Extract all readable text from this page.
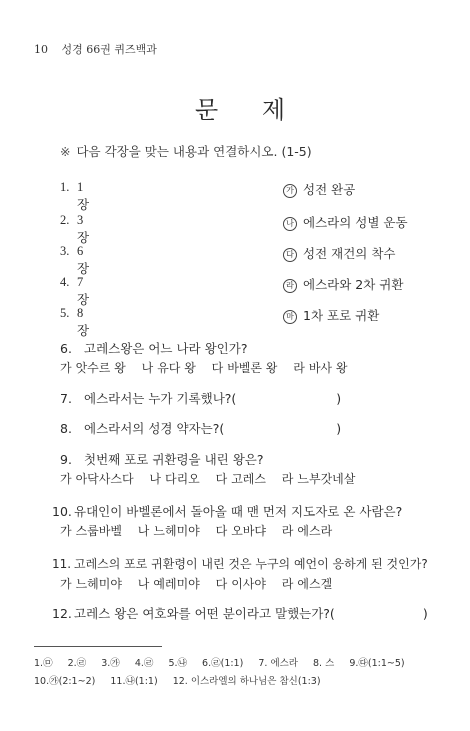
10 성경 66권 퀴즈백과
문 제
※ 다음 각장을 맞는 내용과 연결하시오. (1-5)
1. 1장
가 성전 완공
2. 3장
나 에스라의 성별 운동
3. 6장
다 성전 재건의 착수
4. 7장
라 에스라와 2차 귀환
5. 8장
마 1차 포로 귀환
6. 고레스왕은 어느 나라 왕인가?
가 앗수르 왕 나 유다 왕 다 바벨론 왕 라 바사 왕
7. 에스라서는 누가 기록했나?(	)
8. 에스라서의 성경 약자는?(	)
9. 첫번째 포로 귀환령을 내린 왕은?
가 아닥사스다 나 다리오 다 고레스 라 느부갓네살
10. 유대인이 바벨론에서 돌아올 때 맨 먼저 지도자로 온 사람은?
가 스룹바벨 나 느헤미야 다 오바댜 라 에스라
11. 고레스의 포로 귀환령이 내린 것은 누구의 예언이 응하게 된 것인가?
가 느헤미야 나 예레미야 다 이사야 라 에스겔
12. 고레스 왕은 여호와를 어떤 분이라고 말했는가?(	)
1.㉤ 2.㉣ 3.㉮ 4.㉣ 5.㉯ 6.㉣(1:1) 7. 에스라 8. 스 9.㉰(1:1~5)
10.㉮(2:1~2) 11.㉯(1:1) 12. 이스라엘의 하나님은 참신(1:3)
